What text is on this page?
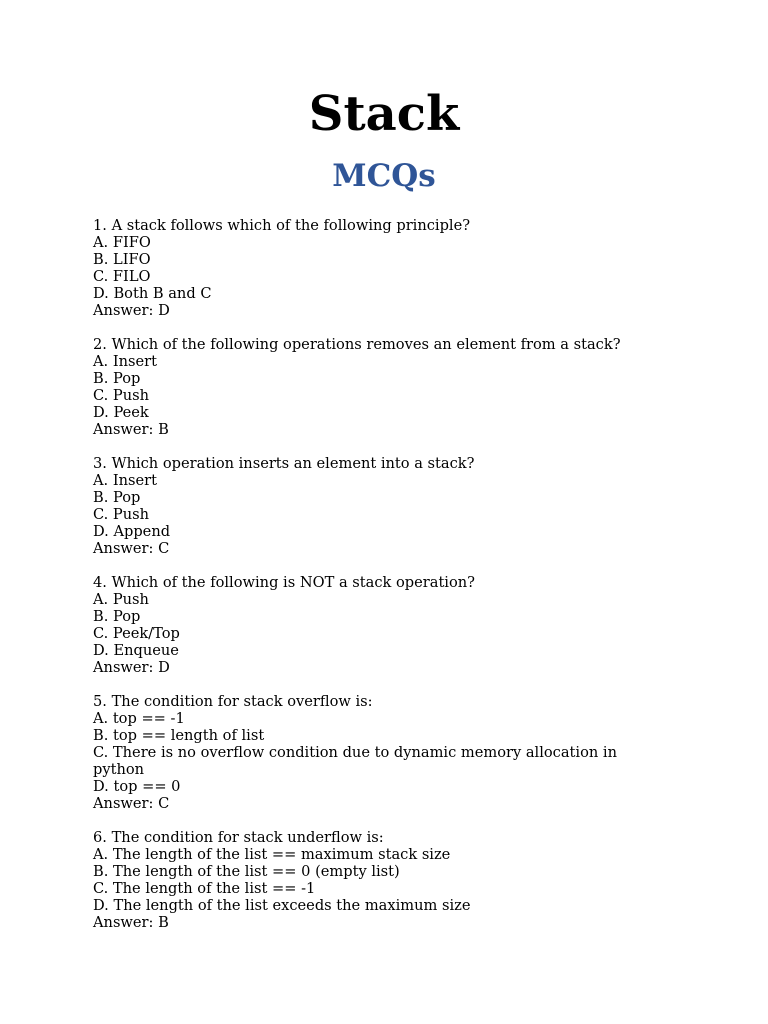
Stack
MCQs
1. A stack follows which of the following principle?
A. FIFO
B. LIFO
C. FILO
D. Both B and C
Answer: D
2. Which of the following operations removes an element from a stack?
A. Insert
B. Pop
C. Push
D. Peek
Answer: B
3. Which operation inserts an element into a stack?
A. Insert
B. Pop
C. Push
D. Append
Answer: C
4. Which of the following is NOT a stack operation?
A. Push
B. Pop
C. Peek/Top
D. Enqueue
Answer: D
5. The condition for stack overflow is:
A. top == -1
B. top == length of list
C. There is no overflow condition due to dynamic memory allocation in
python
D. top == 0
Answer: C
6. The condition for stack underflow is:
A. The length of the list == maximum stack size
B. The length of the list == 0 (empty list)
C. The length of the list == -1
D. The length of the list exceeds the maximum size
Answer: B
